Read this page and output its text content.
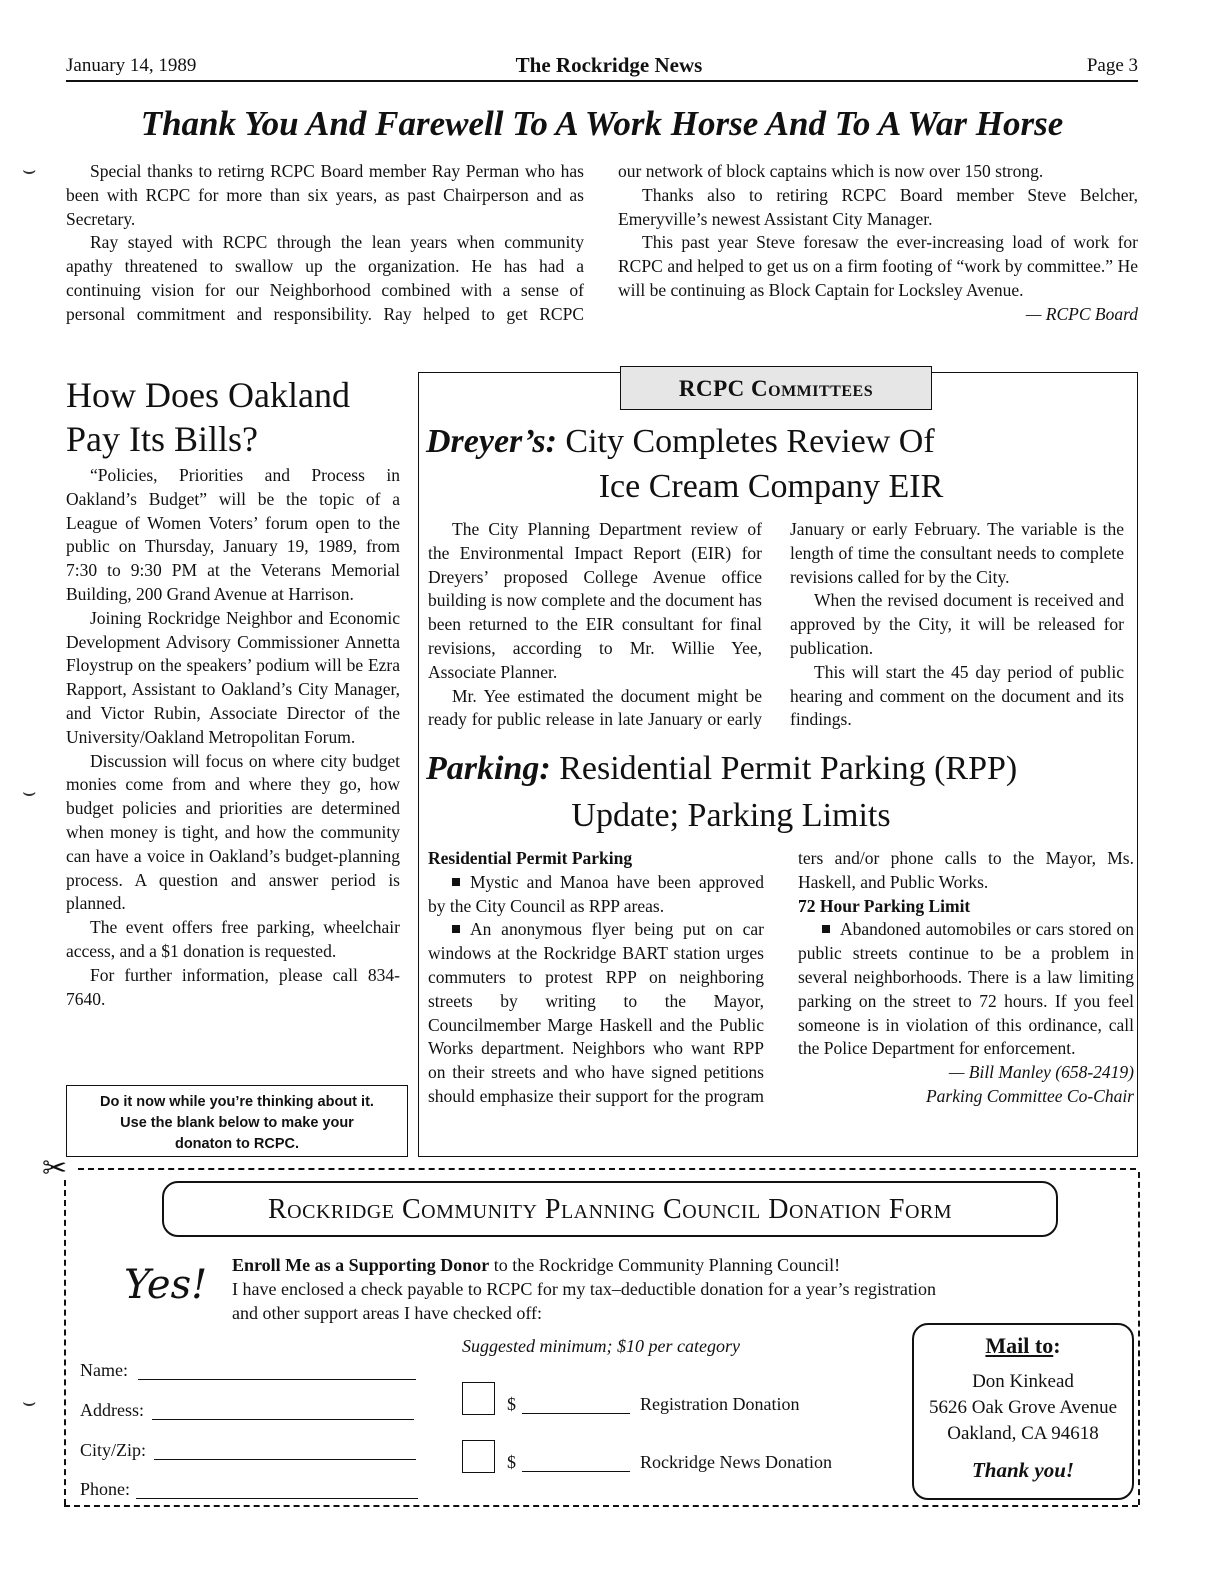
January 14, 1989	The Rockridge News	Page 3
Thank You And Farewell To A Work Horse And To A War Horse

Special thanks to retirng RCPC Board member Ray Perman who has been with RCPC for more than six years, as past Chairperson and as Secretary.

Ray stayed with RCPC through the lean years when community apathy threatened to swallow up the organization. He has had a continuing vision for our Neighborhood combined with a sense of personal commitment and responsibility. Ray helped to get RCPC

our network of block captains which is now over 150 strong.

Thanks also to retiring RCPC Board member Steve Belcher, Emeryville’s newest Assistant City Manager.

This past year Steve foresaw the ever-increasing load of work for RCPC and helped to get us on a firm footing of “work by committee.” He will be continuing as Block Captain for Locksley Avenue.

— RCPC Board

How Does Oakland
Pay Its Bills?

“Policies, Priorities and Process in Oakland’s Budget” will be the topic of a League of Women Voters’ forum open to the public on Thursday, January 19, 1989, from 7:30 to 9:30 PM at the Veterans Memorial Building, 200 Grand Avenue at Harrison.

Joining Rockridge Neighbor and Economic Development Advisory Commissioner Annetta Floystrup on the speakers’ podium will be Ezra Rapport, Assistant to Oakland’s City Manager, and Victor Rubin, Associate Director of the University/Oakland Metropolitan Forum.

Discussion will focus on where city budget monies come from and where they go, how budget policies and priorities are determined when money is tight, and how the community can have a voice in Oakland’s budget-planning process. A question and answer period is planned.

The event offers free parking, wheelchair access, and a $1 donation is requested.

For further information, please call 834-7640.

Do it now while you’re thinking about it.
Use the blank below to make your
donaton to RCPC.
RCPC Committees
Dreyer’s: City Completes Review Of
Ice Cream Company EIR

The City Planning Department review of the Environmental Impact Report (EIR) for Dreyers’ proposed College Avenue office building is now complete and the document has been returned to the EIR consultant for final revisions, according to Mr. Willie Yee, Associate Planner.

Mr. Yee estimated the document might be ready for public release in late January or early

January or early February. The variable is the length of time the consultant needs to complete revisions called for by the City.

When the revised document is received and approved by the City, it will be released for publication.

This will start the 45 day period of public hearing and comment on the document and its findings.

Parking: Residential Permit Parking (RPP)
Update; Parking Limits

Residential Permit Parking

Mystic and Manoa have been approved by the City Council as RPP areas.

An anonymous flyer being put on car windows at the Rockridge BART station urges commuters to protest RPP on neighboring streets by writing to the Mayor, Councilmember Marge Haskell and the Public Works department. Neighbors who want RPP on their streets and who have signed petitions should emphasize their support for the program

ters and/or phone calls to the Mayor, Ms. Haskell, and Public Works.

72 Hour Parking Limit

Abandoned automobiles or cars stored on public streets continue to be a problem in several neighborhoods. There is a law limiting parking on the street to 72 hours. If you feel someone is in violation of this ordinance, call the Police Department for enforcement.

— Bill Manley (658-2419)

Parking Committee Co-Chair

✂
Rockridge Community Planning Council Donation Form
Yes! Enroll Me as a Supporting Donor to the Rockridge Community Planning Council!
I have enclosed a check payable to RCPC for my tax–deductible donation for a year’s registration
and other support areas I have checked off:
Suggested minimum; $10 per category
Name:
Address:
City/Zip:
Phone:
$	Registration Donation
$	Rockridge News Donation
Mail to:
Don Kinkead
5626 Oak Grove Avenue
Oakland, CA 94618
Thank you!
⌣
⌣
⌣
